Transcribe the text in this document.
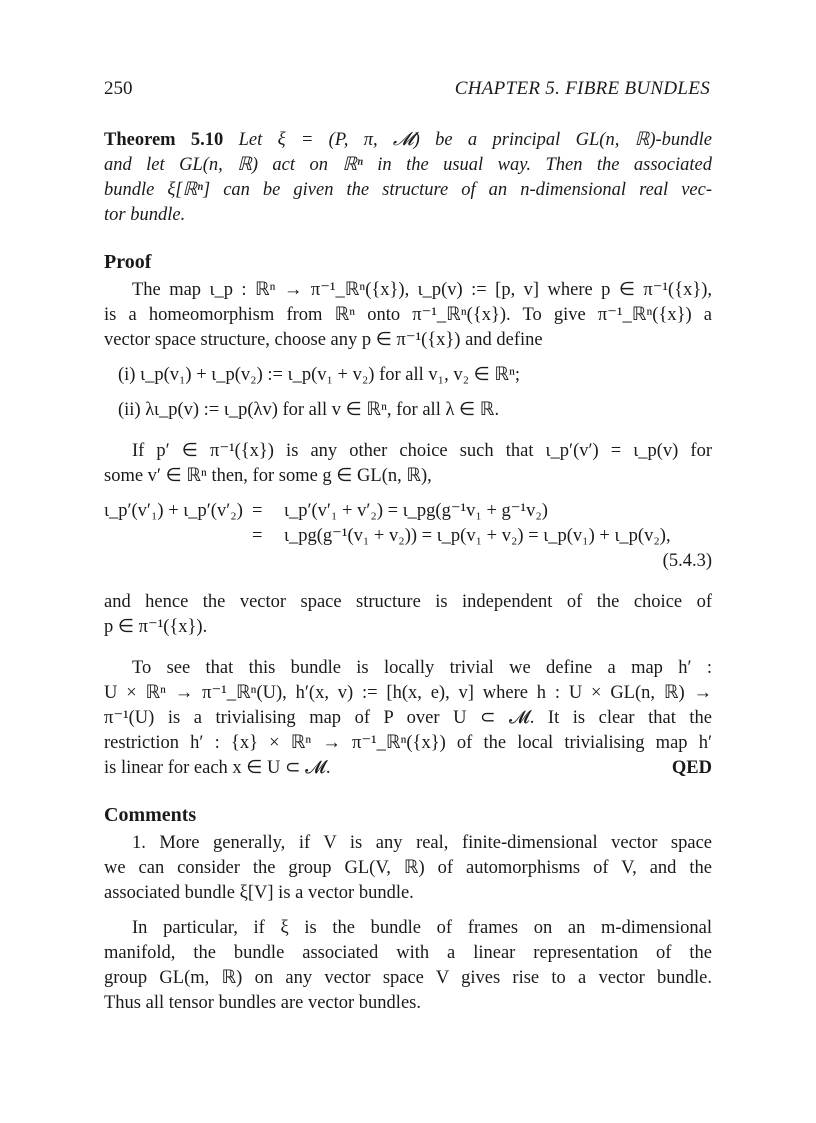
250	CHAPTER 5. FIBRE BUNDLES
Theorem 5.10 Let ξ = (P, π, 𝓜) be a principal GL(n, ℝ)-bundle
and let GL(n, ℝ) act on ℝⁿ in the usual way. Then the associated
bundle ξ[ℝⁿ] can be given the structure of an n-dimensional real vec-
tor bundle.
Proof
The map ι_p : ℝⁿ → π⁻¹_ℝⁿ({x}), ι_p(v) := [p, v] where p ∈ π⁻¹({x}),
is a homeomorphism from ℝⁿ onto π⁻¹_ℝⁿ({x}). To give π⁻¹_ℝⁿ({x}) a
vector space structure, choose any p ∈ π⁻¹({x}) and define
(i) ι_p(v₁) + ι_p(v₂) := ι_p(v₁ + v₂) for all v₁, v₂ ∈ ℝⁿ;
(ii) λι_p(v) := ι_p(λv) for all v ∈ ℝⁿ, for all λ ∈ ℝ.
If p′ ∈ π⁻¹({x}) is any other choice such that ι_p′(v′) = ι_p(v) for
some v′ ∈ ℝⁿ then, for some g ∈ GL(n, ℝ),
ι_p′(v′₁) + ι_p′(v′₂) = ι_p′(v′₁ + v′₂) = ι_pg(g⁻¹v₁ + g⁻¹v₂)
= ι_pg(g⁻¹(v₁ + v₂)) = ι_p(v₁ + v₂) = ι_p(v₁) + ι_p(v₂),
(5.4.3)
and hence the vector space structure is independent of the choice of
p ∈ π⁻¹({x}).
To see that this bundle is locally trivial we define a map h′ :
U × ℝⁿ → π⁻¹_ℝⁿ(U), h′(x, v) := [h(x, e), v] where h : U × GL(n, ℝ) →
π⁻¹(U) is a trivialising map of P over U ⊂ 𝓜. It is clear that the
restriction h′ : {x} × ℝⁿ → π⁻¹_ℝⁿ({x}) of the local trivialising map h′
is linear for each x ∈ U ⊂ 𝓜.	QED
Comments
1. More generally, if V is any real, finite-dimensional vector space
we can consider the group GL(V, ℝ) of automorphisms of V, and the
associated bundle ξ[V] is a vector bundle.
In particular, if ξ is the bundle of frames on an m-dimensional
manifold, the bundle associated with a linear representation of the
group GL(m, ℝ) on any vector space V gives rise to a vector bundle.
Thus all tensor bundles are vector bundles.
